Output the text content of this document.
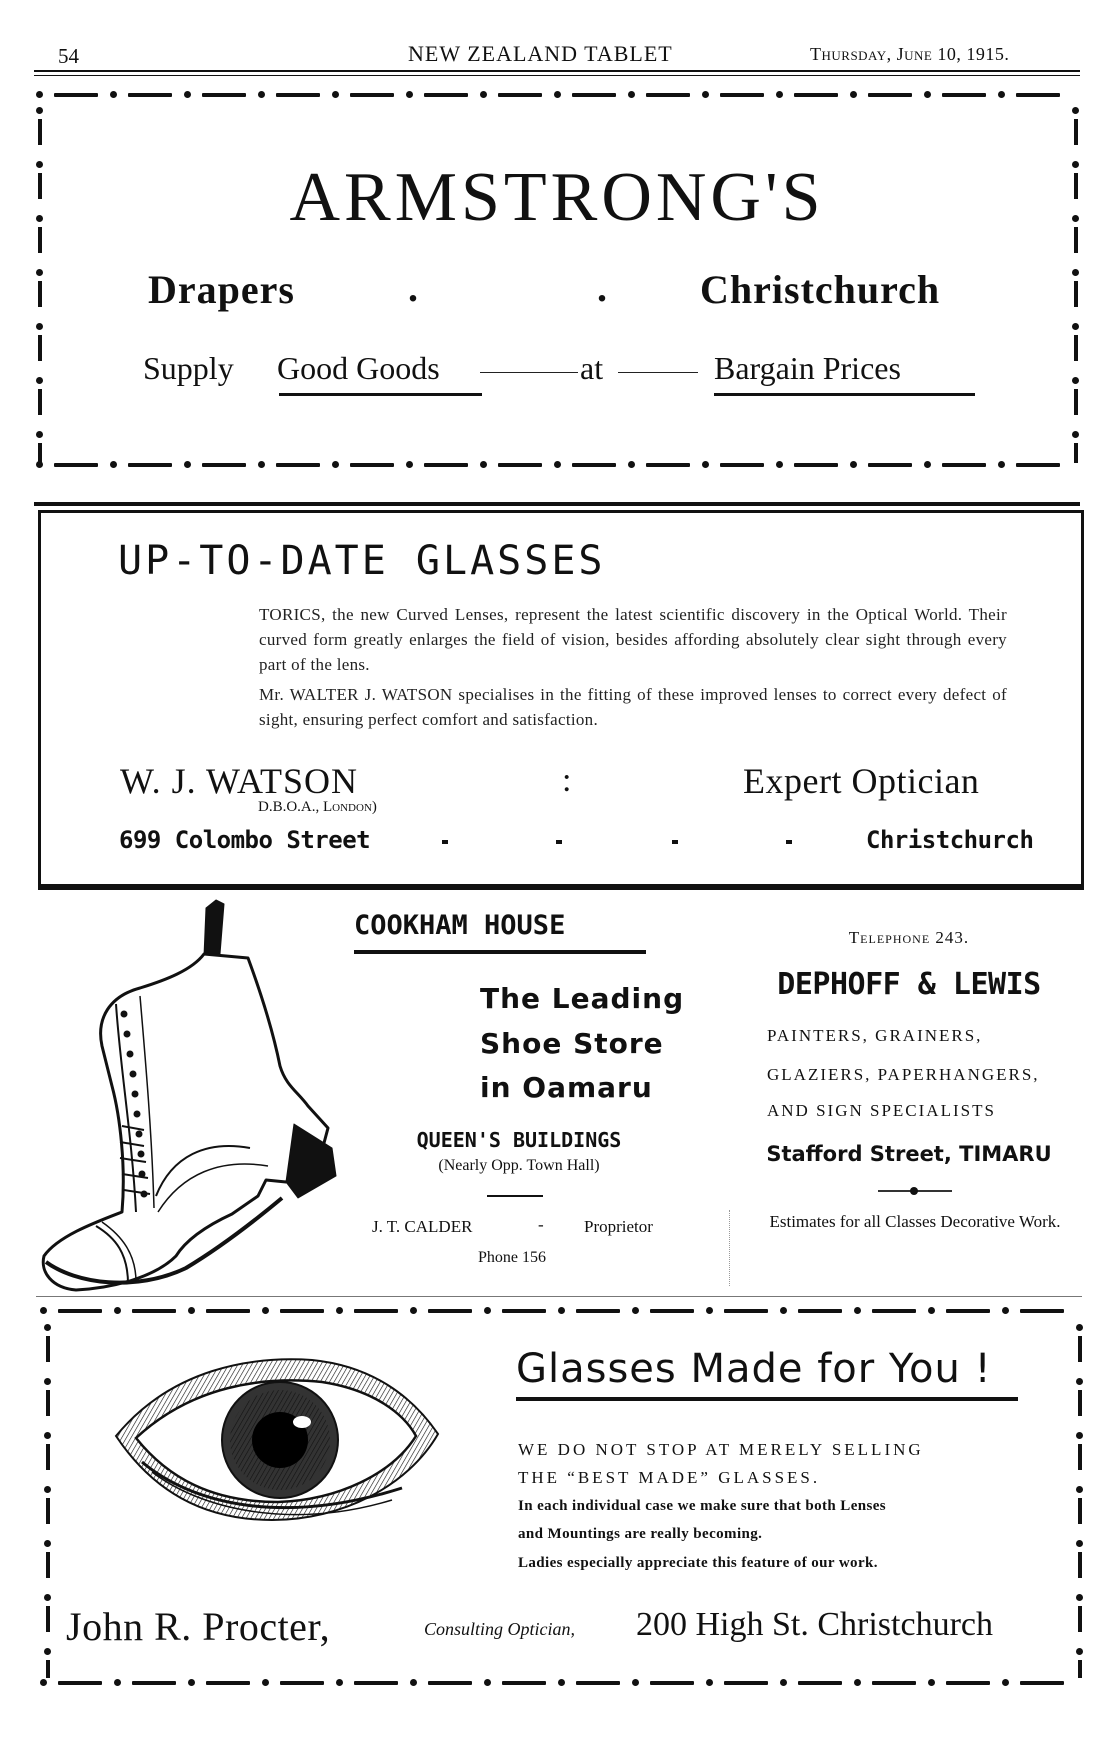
54	NEW ZEALAND TABLET	Thursday, June 10, 1915.
ARMSTRONG'S
Drapers	.	. Christchurch
Supply Good Goods	at	Bargain Prices
UP-TO-DATE GLASSES
TORICS, the new Curved Lenses, represent the latest scientific discovery in the Optical World. Their curved form greatly enlarges the field of vision, besides affording absolutely clear sight through every part of the lens.
Mr. WALTER J. WATSON specialises in the fitting of these improved lenses to correct every defect of sight, ensuring perfect comfort and satisfaction.
W. J. WATSON	:	Expert Optician
D.B.O.A., London)
699 Colombo Street	Christchurch
COOKHAM HOUSE
The Leading
Shoe Store
in Oamaru
QUEEN'S BUILDINGS
(Nearly Opp. Town Hall)
J. T. CALDER	- Proprietor
Phone 156
Telephone 243.
DEPHOFF & LEWIS
PAINTERS, GRAINERS,
GLAZIERS, PAPERHANGERS,
AND SIGN SPECIALISTS
Stafford Street, TIMARU
Estimates for all Classes Decorative Work.
Glasses Made for You !
WE DO NOT STOP AT MERELY SELLING
THE “BEST MADE” GLASSES.
In each individual case we make sure that both Lenses
and Mountings are really becoming.
Ladies especially appreciate this feature of our work.
John R. Procter,	Consulting Optician, 200 High St. Christchurch
